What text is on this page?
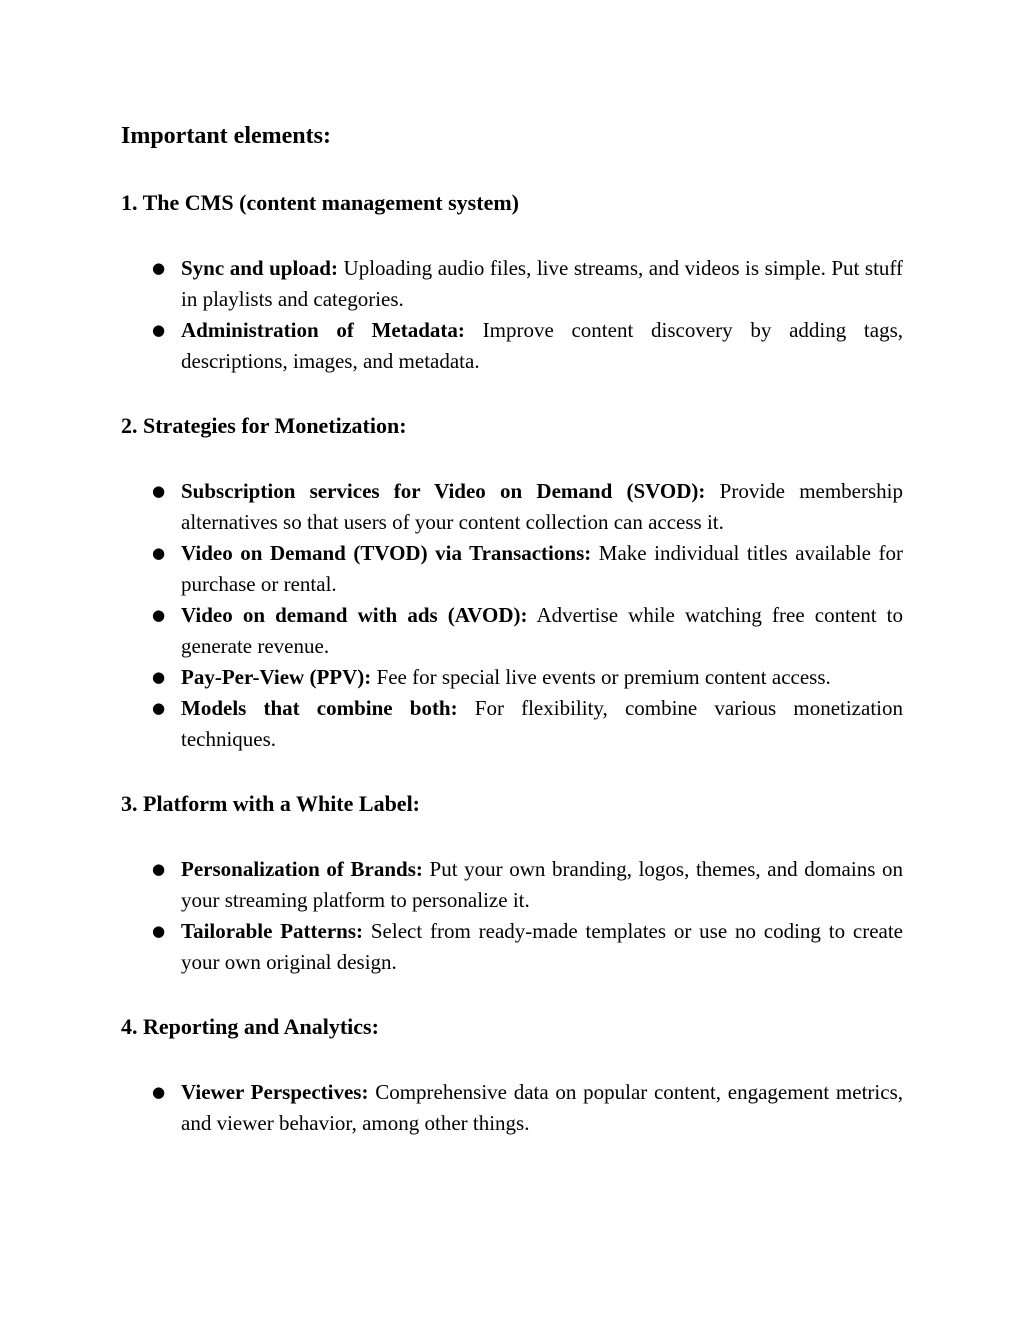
Important elements:
1. The CMS (content management system)
● Sync and upload: Uploading audio files, live streams, and videos is simple. Put stuff in playlists and categories.
● Administration of Metadata: Improve content discovery by adding tags, descriptions, images, and metadata.
2. Strategies for Monetization:
● Subscription services for Video on Demand (SVOD): Provide membership alternatives so that users of your content collection can access it.
● Video on Demand (TVOD) via Transactions: Make individual titles available for purchase or rental.
● Video on demand with ads (AVOD): Advertise while watching free content to generate revenue.
● Pay-Per-View (PPV): Fee for special live events or premium content access.
● Models that combine both: For flexibility, combine various monetization techniques.
3. Platform with a White Label:
● Personalization of Brands: Put your own branding, logos, themes, and domains on your streaming platform to personalize it.
● Tailorable Patterns: Select from ready-made templates or use no coding to create your own original design.
4. Reporting and Analytics:
● Viewer Perspectives: Comprehensive data on popular content, engagement metrics, and viewer behavior, among other things.
